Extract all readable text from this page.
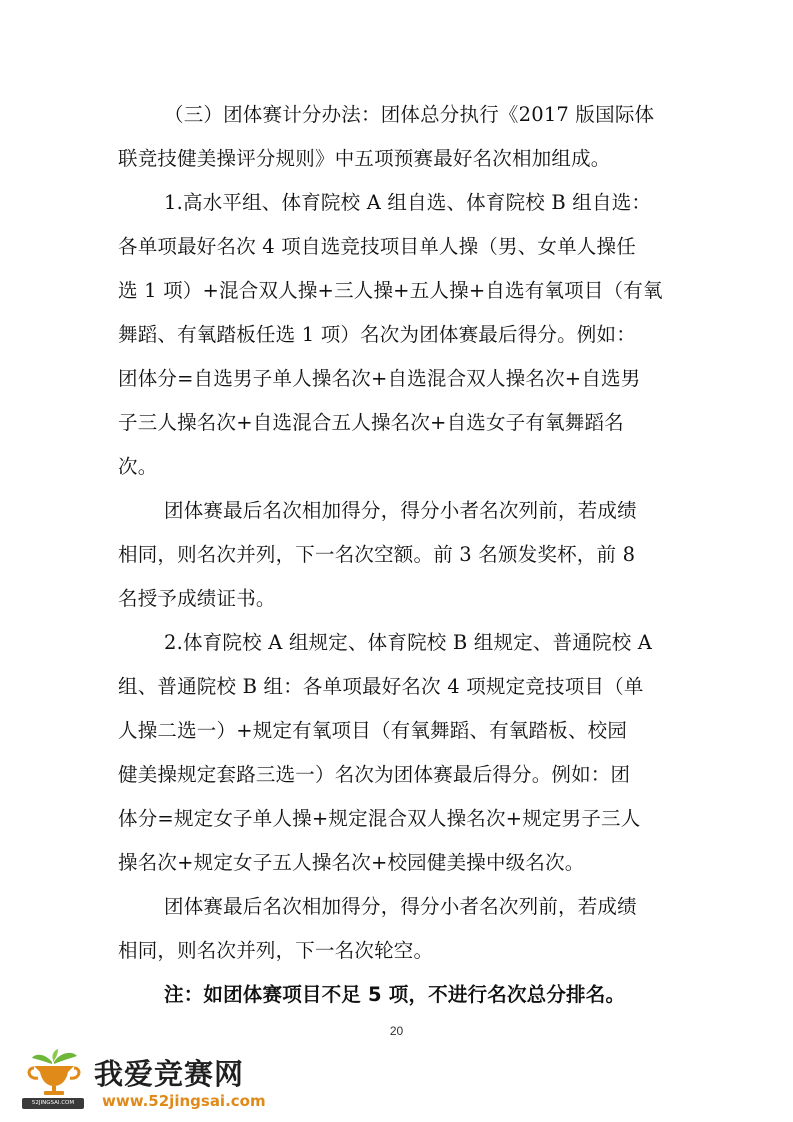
（三）团体赛计分办法：团体总分执行《2017 版国际体
联竞技健美操评分规则》中五项预赛最好名次相加组成。
1.高水平组、体育院校 A 组自选、体育院校 B 组自选：
各单项最好名次 4 项自选竞技项目单人操（男、女单人操任
选 1 项）+混合双人操+三人操+五人操+自选有氧项目（有氧
舞蹈、有氧踏板任选 1 项）名次为团体赛最后得分。例如：
团体分=自选男子单人操名次+自选混合双人操名次+自选男
子三人操名次+自选混合五人操名次+自选女子有氧舞蹈名
次。
团体赛最后名次相加得分，得分小者名次列前，若成绩
相同，则名次并列，下一名次空额。前 3 名颁发奖杯，前 8
名授予成绩证书。
2.体育院校 A 组规定、体育院校 B 组规定、普通院校 A
组、普通院校 B 组：各单项最好名次 4 项规定竞技项目（单
人操二选一）+规定有氧项目（有氧舞蹈、有氧踏板、校园
健美操规定套路三选一）名次为团体赛最后得分。例如：团
体分=规定女子单人操+规定混合双人操名次+规定男子三人
操名次+规定女子五人操名次+校园健美操中级名次。
团体赛最后名次相加得分，得分小者名次列前，若成绩
相同，则名次并列，下一名次轮空。
注：如团体赛项目不足 5 项，不进行名次总分排名。
20
52JINGSAI.COM
我爱竞赛网
www.52jingsai.com
